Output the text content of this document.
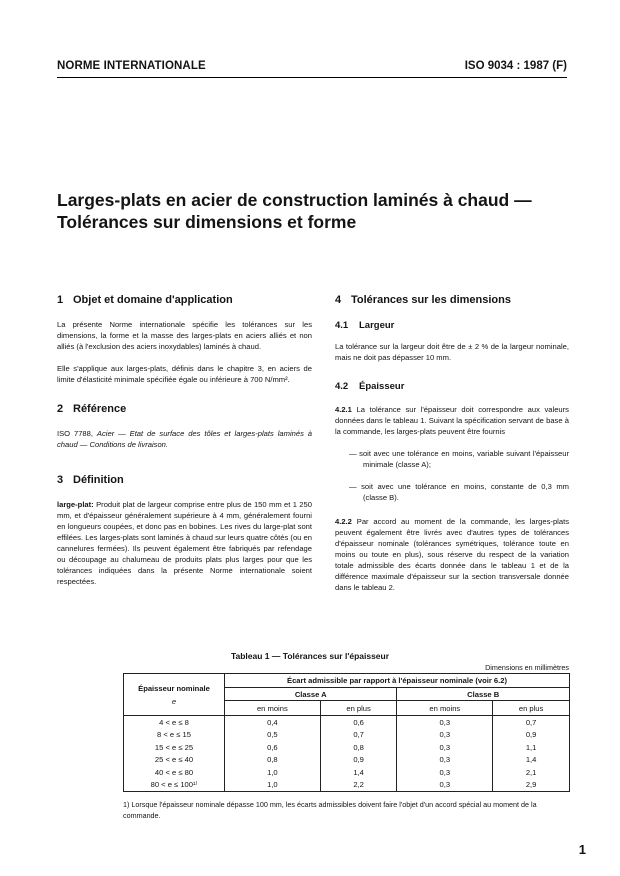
NORME INTERNATIONALE	ISO 9034 : 1987 (F)
Larges-plats en acier de construction laminés à chaud —
Tolérances sur dimensions et forme
1 Objet et domaine d'application

La présente Norme internationale spécifie les tolérances sur les dimensions, la forme et la masse des larges-plats en aciers alliés et non alliés (à l'exclusion des aciers inoxydables) laminés à chaud.

Elle s'applique aux larges-plats, définis dans le chapitre 3, en aciers de limite d'élasticité minimale spécifiée égale ou inférieure à 700 N/mm².

2 Référence

ISO 7788, Acier — Etat de surface des tôles et larges-plats laminés à chaud — Conditions de livraison.

3 Définition

large-plat: Produit plat de largeur comprise entre plus de 150 mm et 1 250 mm, et d'épaisseur généralement supérieure à 4 mm, généralement fourni en longueurs coupées, et donc pas en bobines. Les rives du large-plat sont effilées. Les larges-plats sont laminés à chaud sur leurs quatre côtés (ou en cannelures fermées). Ils peuvent également être fabriqués par refendage ou découpage au chalumeau de produits plats plus larges pour que les tolérances indiquées dans la présente Norme internationale soient respectées.

4 Tolérances sur les dimensions
4.1 Largeur

La tolérance sur la largeur doit être de ± 2 % de la largeur nominale, mais ne doit pas dépasser 10 mm.

4.2 Épaisseur

4.2.1 La tolérance sur l'épaisseur doit correspondre aux valeurs données dans le tableau 1. Suivant la spécification servant de base à la commande, les larges-plats peuvent être fournis

— soit avec une tolérance en moins, variable suivant l'épaisseur minimale (classe A);

— soit avec une tolérance en moins, constante de 0,3 mm (classe B).

4.2.2 Par accord au moment de la commande, les larges-plats peuvent également être livrés avec d'autres types de tolérances d'épaisseur nominale (tolérances symétriques, tolérance toute en moins ou toute en plus), sous réserve du respect de la variation totale admissible des écarts donnée dans le tableau 1 et de la différence maximale d'épaisseur sur la section transversale donnée dans le tableau 2.

Tableau 1 — Tolérances sur l'épaisseur
Dimensions en millimètres
Épaisseur nominale
e	Écart admissible par rapport à l'épaisseur nominale (voir 6.2)			
	Classe A		Classe B	
	en moins	en plus	en moins	en plus
4 < e ≤ 8	0,4	0,6	0,3	0,7
8 < e ≤ 15	0,5	0,7	0,3	0,9
15 < e ≤ 25	0,6	0,8	0,3	1,1
25 < e ≤ 40	0,8	0,9	0,3	1,4
40 < e ≤ 80	1,0	1,4	0,3	2,1
80 < e ≤ 100¹⁾	1,0	2,2	0,3	2,9
1) Lorsque l'épaisseur nominale dépasse 100 mm, les écarts admissibles doivent faire l'objet d'un accord spécial au moment de la commande.
1
